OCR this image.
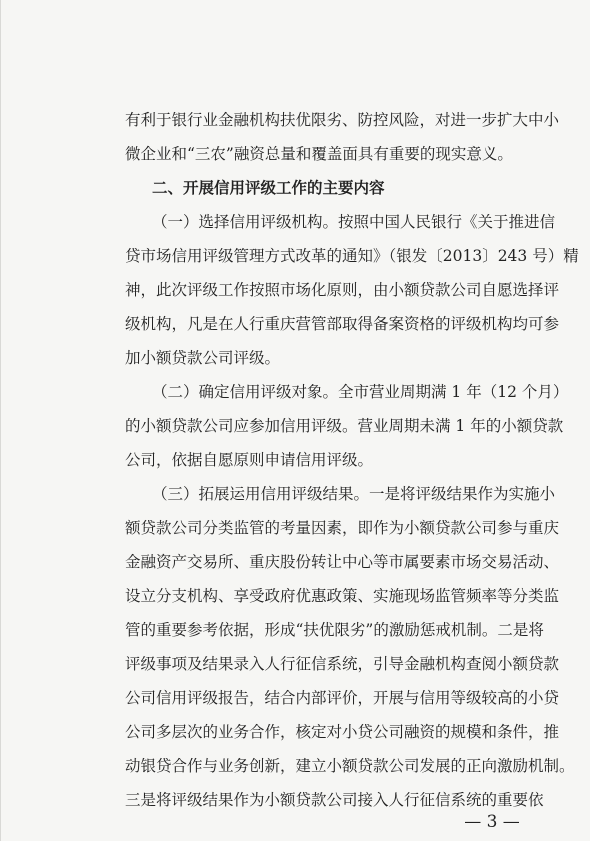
有利于银行业金融机构扶优限劣、防控风险，对进一步扩大中小
微企业和“三农”融资总量和覆盖面具有重要的现实意义。
二、开展信用评级工作的主要内容
（一）选择信用评级机构。按照中国人民银行《关于推进信
贷市场信用评级管理方式改革的通知》（银发〔2013〕243 号）精
神，此次评级工作按照市场化原则，由小额贷款公司自愿选择评
级机构，凡是在人行重庆营管部取得备案资格的评级机构均可参
加小额贷款公司评级。
（二）确定信用评级对象。全市营业周期满 1 年（12 个月）
的小额贷款公司应参加信用评级。营业周期未满 1 年的小额贷款
公司，依据自愿原则申请信用评级。
（三）拓展运用信用评级结果。一是将评级结果作为实施小
额贷款公司分类监管的考量因素，即作为小额贷款公司参与重庆
金融资产交易所、重庆股份转让中心等市属要素市场交易活动、
设立分支机构、享受政府优惠政策、实施现场监管频率等分类监
管的重要参考依据，形成“扶优限劣”的激励惩戒机制。二是将
评级事项及结果录入人行征信系统，引导金融机构查阅小额贷款
公司信用评级报告，结合内部评价，开展与信用等级较高的小贷
公司多层次的业务合作，核定对小贷公司融资的规模和条件，推
动银贷合作与业务创新，建立小额贷款公司发展的正向激励机制。
三是将评级结果作为小额贷款公司接入人行征信系统的重要依
— 3 —
